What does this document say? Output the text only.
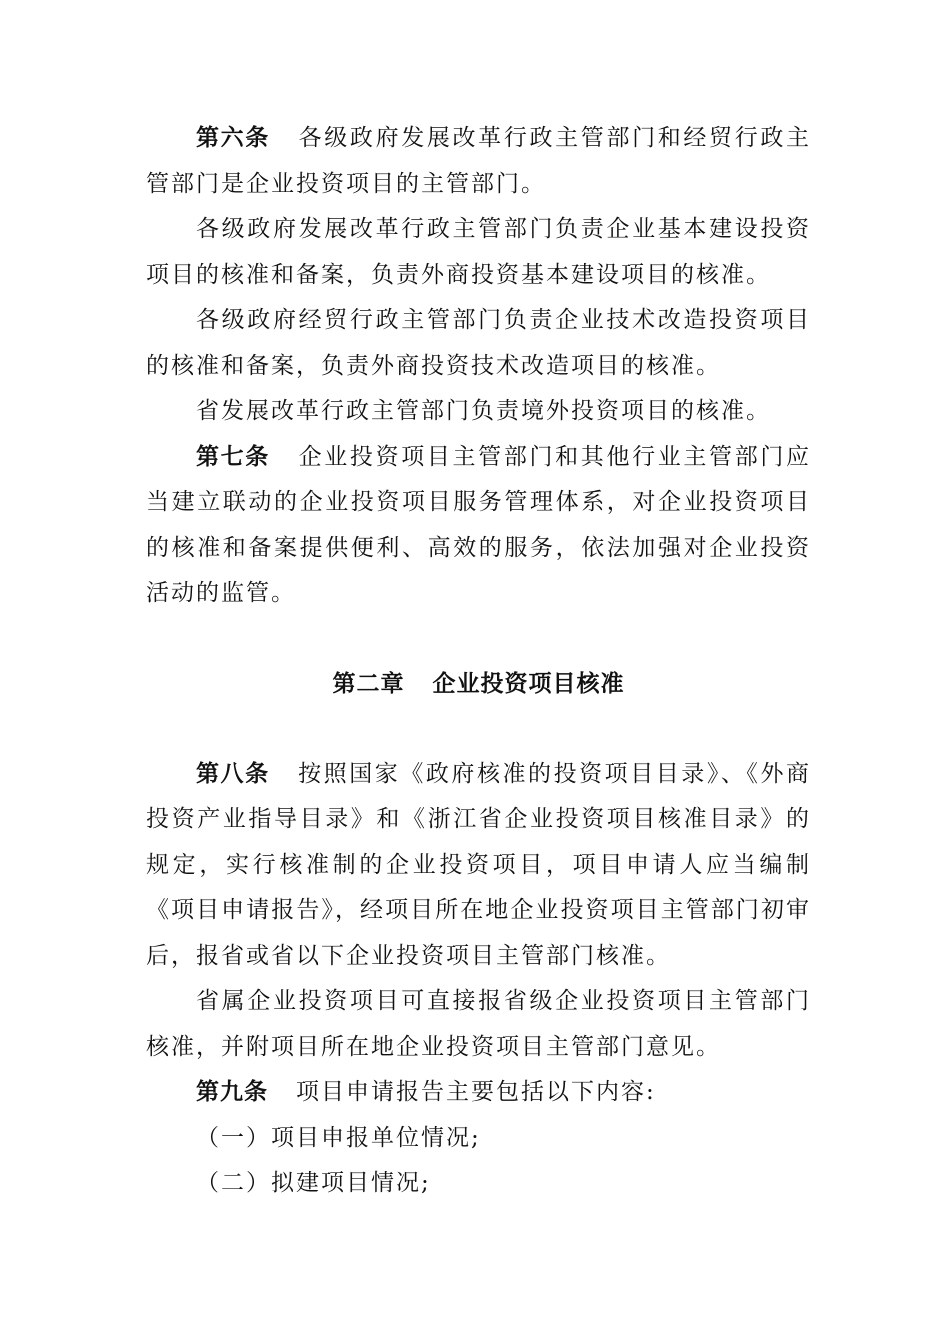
第六条 各级政府发展改革行政主管部门和经贸行政主管部门是企业投资项目的主管部门。

各级政府发展改革行政主管部门负责企业基本建设投资项目的核准和备案，负责外商投资基本建设项目的核准。

各级政府经贸行政主管部门负责企业技术改造投资项目的核准和备案，负责外商投资技术改造项目的核准。

省发展改革行政主管部门负责境外投资项目的核准。

第七条 企业投资项目主管部门和其他行业主管部门应当建立联动的企业投资项目服务管理体系，对企业投资项目的核准和备案提供便利、高效的服务，依法加强对企业投资活动的监管。

第二章 企业投资项目核准

第八条 按照国家《政府核准的投资项目目录》、《外商投资产业指导目录》和《浙江省企业投资项目核准目录》的规定，实行核准制的企业投资项目，项目申请人应当编制《项目申请报告》，经项目所在地企业投资项目主管部门初审后，报省或省以下企业投资项目主管部门核准。

省属企业投资项目可直接报省级企业投资项目主管部门核准，并附项目所在地企业投资项目主管部门意见。

第九条 项目申请报告主要包括以下内容:

（一）项目申报单位情况;

（二）拟建项目情况;
